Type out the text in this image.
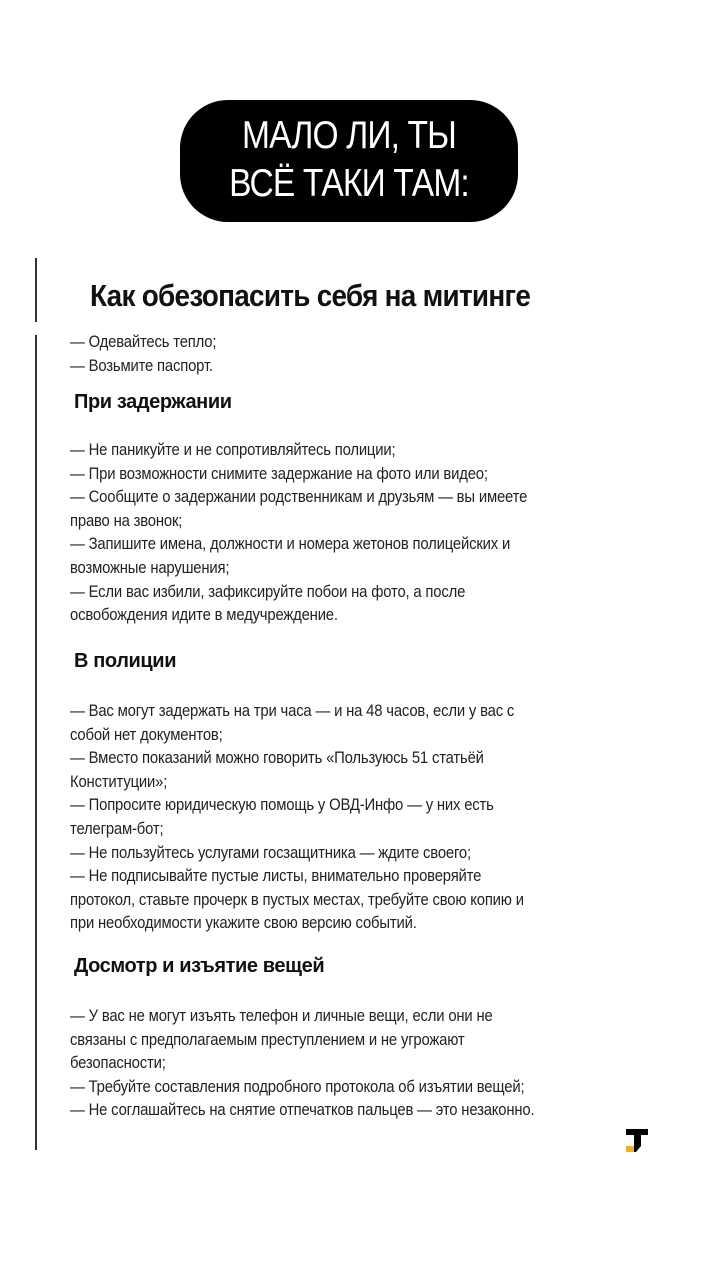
МАЛО ЛИ, ТЫ
ВСЁ ТАКИ ТАМ:
Как обезопасить себя на митинге
— Одевайтесь тепло;
— Возьмите паспорт.
При задержании
— Не паникуйте и не сопротивляйтесь полиции;
— При возможности снимите задержание на фото или видео;
— Сообщите о задержании родственникам и друзьям — вы имеете
право на звонок;
— Запишите имена, должности и номера жетонов полицейских и
возможные нарушения;
— Если вас избили, зафиксируйте побои на фото, а после
освобождения идите в медучреждение.
В полиции
— Вас могут задержать на три часа — и на 48 часов, если у вас с
собой нет документов;
— Вместо показаний можно говорить «Пользуюсь 51 статьёй
Конституции»;
— Попросите юридическую помощь у ОВД-Инфо — у них есть
телеграм-бот;
— Не пользуйтесь услугами госзащитника — ждите своего;
— Не подписывайте пустые листы, внимательно проверяйте
протокол, ставьте прочерк в пустых местах, требуйте свою копию и
при необходимости укажите свою версию событий.
Досмотр и изъятие вещей
— У вас не могут изъять телефон и личные вещи, если они не
связаны с предполагаемым преступлением и не угрожают
безопасности;
— Требуйте составления подробного протокола об изъятии вещей;
— Не соглашайтесь на снятие отпечатков пальцев — это незаконно.
